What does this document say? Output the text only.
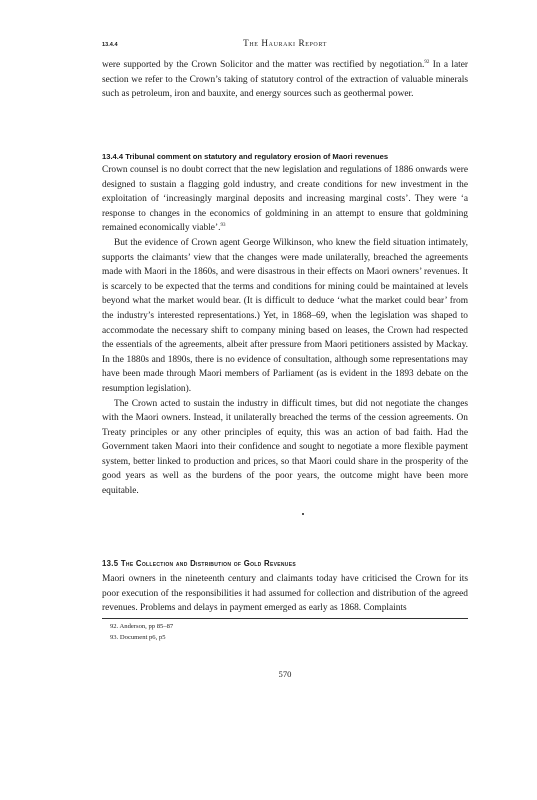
13.4.4	The Hauraki Report

were supported by the Crown Solicitor and the matter was rectified by negotiation.$^{92}$ In a later section we refer to the Crown’s taking of statutory control of the extraction of valuable minerals such as petroleum, iron and bauxite, and energy sources such as geothermal power.

13.4.4 Tribunal comment on statutory and regulatory erosion of Maori revenues

Crown counsel is no doubt correct that the new legislation and regulations of 1886 onwards were designed to sustain a flagging gold industry, and create conditions for new investment in the exploitation of ‘increasingly marginal deposits and increasing marginal costs’. They were ‘a response to changes in the economics of goldmining in an attempt to ensure that goldmining remained economically viable’.$^{93}$

But the evidence of Crown agent George Wilkinson, who knew the field situation intimately, supports the claimants’ view that the changes were made unilaterally, breached the agreements made with Maori in the 1860s, and were disastrous in their effects on Maori owners’ revenues. It is scarcely to be expected that the terms and conditions for mining could be maintained at levels beyond what the market would bear. (It is difficult to deduce ‘what the market could bear’ from the industry’s interested representations.) Yet, in 1868–69, when the legislation was shaped to accommodate the necessary shift to company mining based on leases, the Crown had respected the essentials of the agreements, albeit after pressure from Maori petitioners assisted by Mackay. In the 1880s and 1890s, there is no evidence of consultation, although some representations may have been made through Maori members of Parliament (as is evident in the 1893 debate on the resumption legislation).

The Crown acted to sustain the industry in difficult times, but did not negotiate the changes with the Maori owners. Instead, it unilaterally breached the terms of the cession agreements. On Treaty principles or any other principles of equity, this was an action of bad faith. Had the Government taken Maori into their confidence and sought to negotiate a more flexible payment system, better linked to production and prices, so that Maori could share in the prosperity of the good years as well as the burdens of the poor years, the outcome might have been more equitable.

13.5 The Collection and Distribution of Gold Revenues

Maori owners in the nineteenth century and claimants today have criticised the Crown for its poor execution of the responsibilities it had assumed for collection and distribution of the agreed revenues. Problems and delays in payment emerged as early as 1868. Complaints

92. Anderson, pp 85–87
93. Document p6, p5
570
